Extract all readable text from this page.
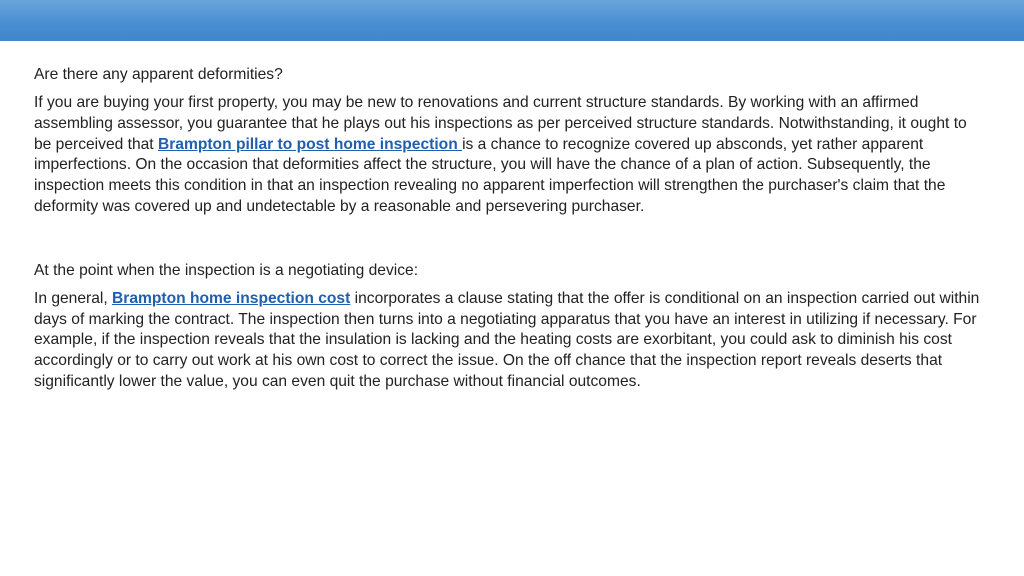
Are there any apparent deformities?

If you are buying your first property, you may be new to renovations and current structure standards. By working with an affirmed assembling assessor, you guarantee that he plays out his inspections as per perceived structure standards. Notwithstanding, it ought to be perceived that Brampton pillar to post home inspection is a chance to recognize covered up absconds, yet rather apparent imperfections. On the occasion that deformities affect the structure, you will have the chance of a plan of action. Subsequently, the inspection meets this condition in that an inspection revealing no apparent imperfection will strengthen the purchaser's claim that the deformity was covered up and undetectable by a reasonable and persevering purchaser.

At the point when the inspection is a negotiating device:

In general, Brampton home inspection cost incorporates a clause stating that the offer is conditional on an inspection carried out within days of marking the contract. The inspection then turns into a negotiating apparatus that you have an interest in utilizing if necessary. For example, if the inspection reveals that the insulation is lacking and the heating costs are exorbitant, you could ask to diminish his cost accordingly or to carry out work at his own cost to correct the issue. On the off chance that the inspection report reveals deserts that significantly lower the value, you can even quit the purchase without financial outcomes.
